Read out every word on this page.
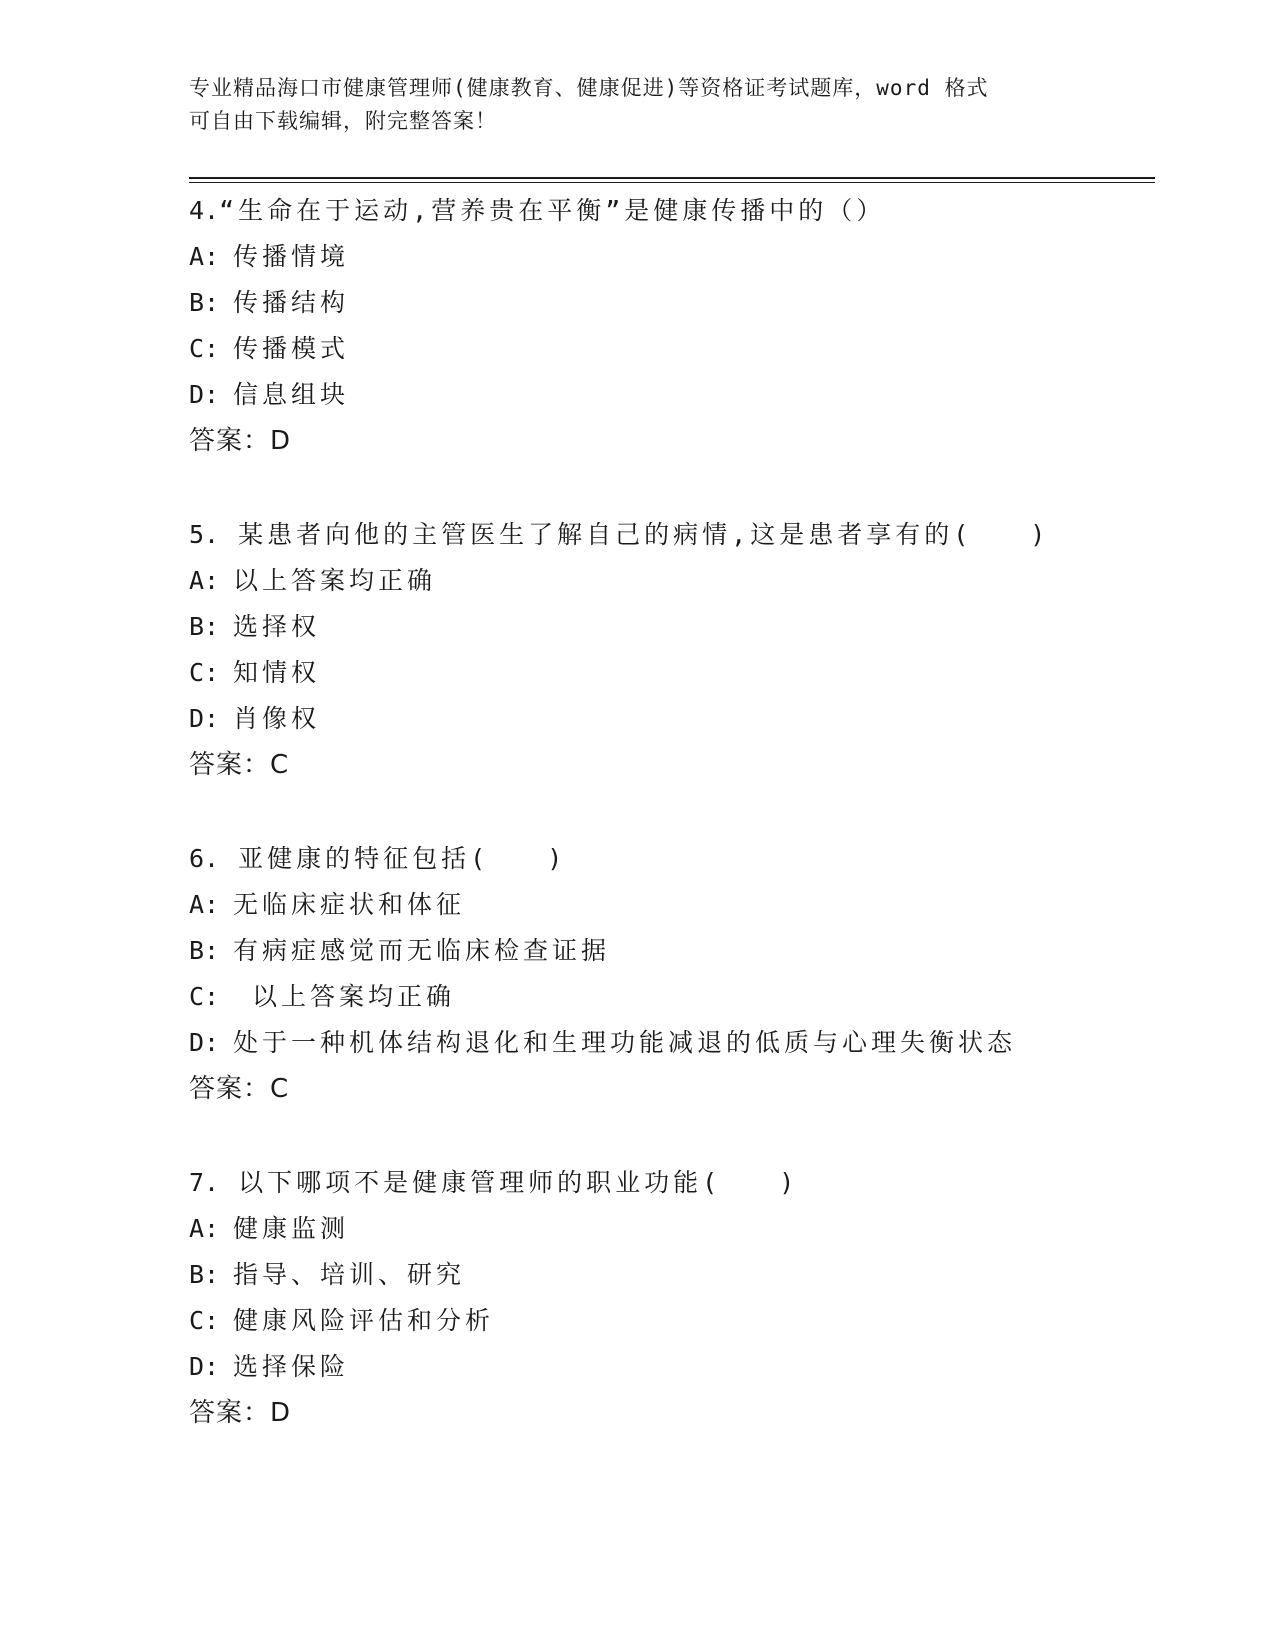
专业精品海口市健康管理师(健康教育、健康促进)等资格证考试题库，word 格式
可自由下载编辑，附完整答案！
4.“生命在于运动,营养贵在平衡”是健康传播中的（）
A: 传播情境
B: 传播结构
C: 传播模式
D: 信息组块
答案：D
5. 某患者向他的主管医生了解自己的病情,这是患者享有的(　　)
A: 以上答案均正确
B: 选择权
C: 知情权
D: 肖像权
答案：C
6. 亚健康的特征包括(　　)
A: 无临床症状和体征
B: 有病症感觉而无临床检查证据
C: 以上答案均正确
D: 处于一种机体结构退化和生理功能减退的低质与心理失衡状态
答案：C
7. 以下哪项不是健康管理师的职业功能(　　)
A: 健康监测
B: 指导、培训、研究
C: 健康风险评估和分析
D: 选择保险
答案：D
